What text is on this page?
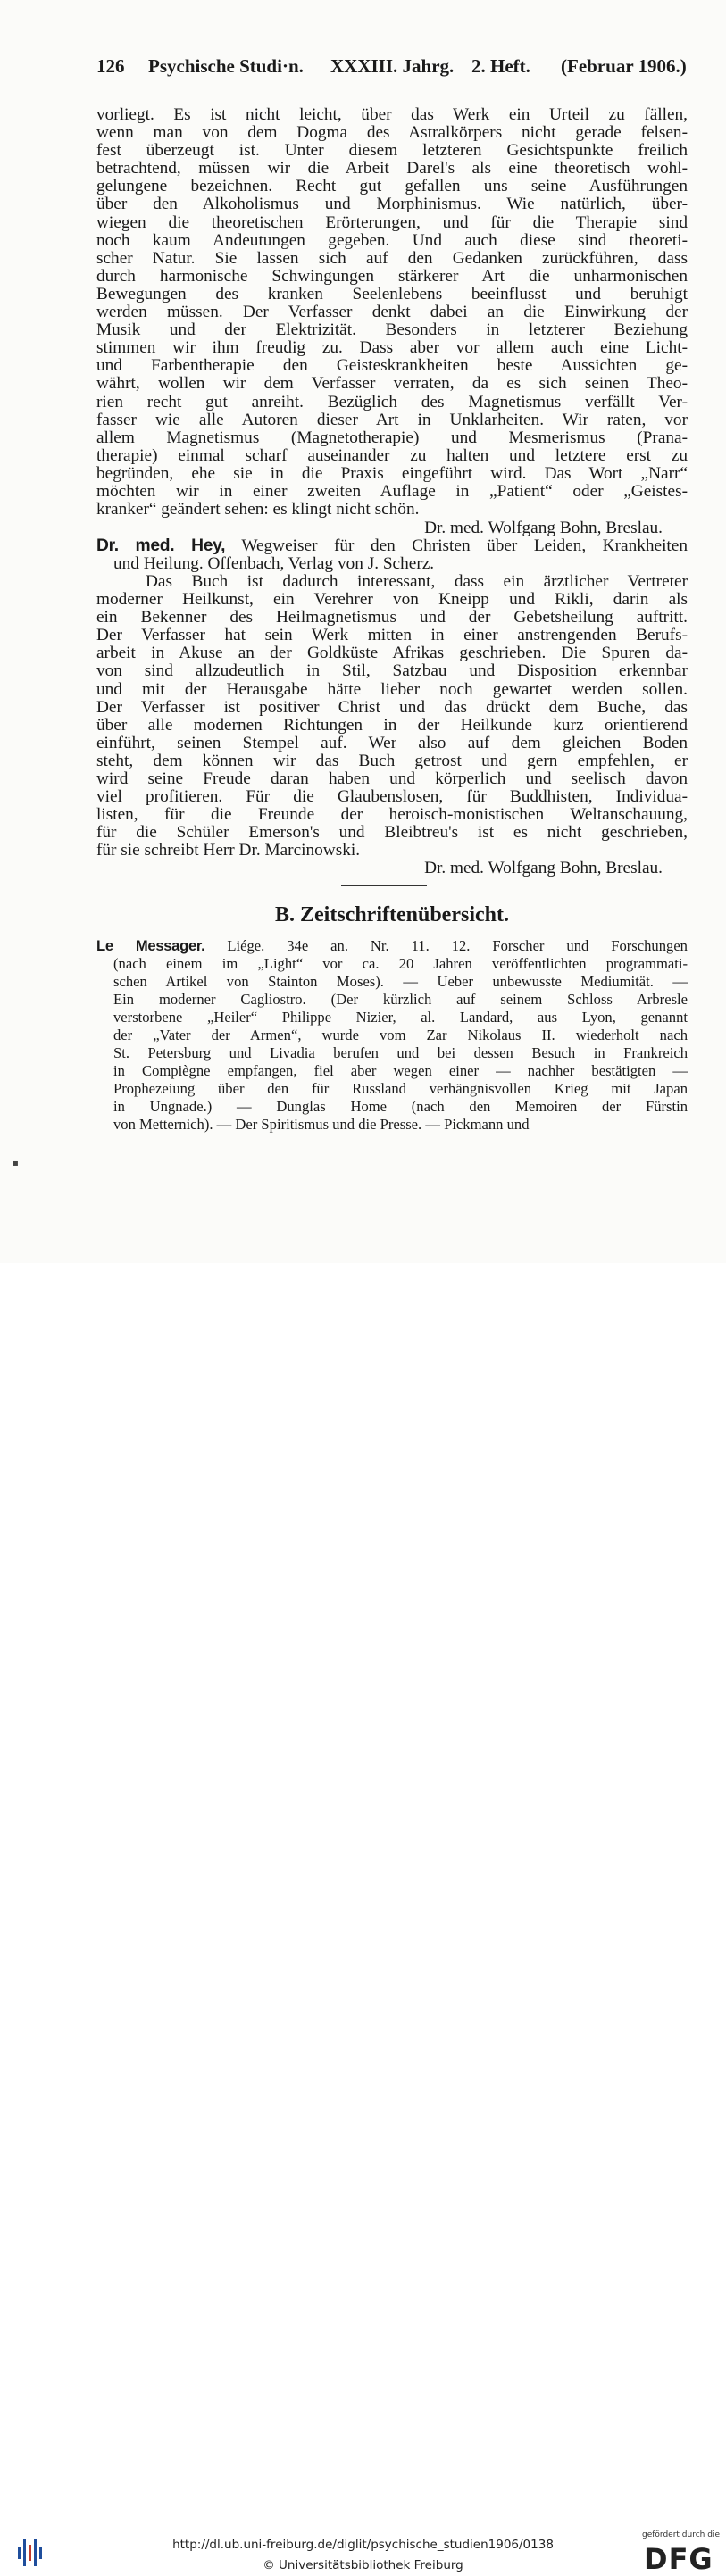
126 Psychische Studi·n. XXXIII. Jahrg. 2. Heft. (Februar 1906.)
vorliegt. Es ist nicht leicht, über das Werk ein Urteil zu fällen,
wenn man von dem Dogma des Astralkörpers nicht gerade felsen-
fest überzeugt ist. Unter diesem letzteren Gesichtspunkte freilich
betrachtend, müssen wir die Arbeit Darel's als eine theoretisch wohl-
gelungene bezeichnen. Recht gut gefallen uns seine Ausführungen
über den Alkoholismus und Morphinismus. Wie natürlich, über-
wiegen die theoretischen Erörterungen, und für die Therapie sind
noch kaum Andeutungen gegeben. Und auch diese sind theoreti-
scher Natur. Sie lassen sich auf den Gedanken zurückführen, dass
durch harmonische Schwingungen stärkerer Art die unharmonischen
Bewegungen des kranken Seelenlebens beeinflusst und beruhigt
werden müssen. Der Verfasser denkt dabei an die Einwirkung der
Musik und der Elektrizität. Besonders in letzterer Beziehung
stimmen wir ihm freudig zu. Dass aber vor allem auch eine Licht-
und Farbentherapie den Geisteskrankheiten beste Aussichten ge-
währt, wollen wir dem Verfasser verraten, da es sich seinen Theo-
rien recht gut anreiht. Bezüglich des Magnetismus verfällt Ver-
fasser wie alle Autoren dieser Art in Unklarheiten. Wir raten, vor
allem Magnetismus (Magnetotherapie) und Mesmerismus (Prana-
therapie) einmal scharf auseinander zu halten und letztere erst zu
begründen, ehe sie in die Praxis eingeführt wird. Das Wort „Narr“
möchten wir in einer zweiten Auflage in „Patient“ oder „Geistes-
kranker“ geändert sehen: es klingt nicht schön.
Dr. med. Wolfgang Bohn, Breslau.
Dr. med. Hey, Wegweiser für den Christen über Leiden, Krankheiten
und Heilung. Offenbach, Verlag von J. Scherz.
Das Buch ist dadurch interessant, dass ein ärztlicher Vertreter
moderner Heilkunst, ein Verehrer von Kneipp und Rikli, darin als
ein Bekenner des Heilmagnetismus und der Gebetsheilung auftritt.
Der Verfasser hat sein Werk mitten in einer anstrengenden Berufs-
arbeit in Akuse an der Goldküste Afrikas geschrieben. Die Spuren da-
von sind allzudeutlich in Stil, Satzbau und Disposition erkennbar
und mit der Herausgabe hätte lieber noch gewartet werden sollen.
Der Verfasser ist positiver Christ und das drückt dem Buche, das
über alle modernen Richtungen in der Heilkunde kurz orientierend
einführt, seinen Stempel auf. Wer also auf dem gleichen Boden
steht, dem können wir das Buch getrost und gern empfehlen, er
wird seine Freude daran haben und körperlich und seelisch davon
viel profitieren. Für die Glaubenslosen, für Buddhisten, Individua-
listen, für die Freunde der heroisch-monistischen Weltanschauung,
für die Schüler Emerson's und Bleibtreu's ist es nicht geschrieben,
für sie schreibt Herr Dr. Marcinowski.
Dr. med. Wolfgang Bohn, Breslau.
B. Zeitschriftenübersicht.
Le Messager. Liége. 34e an. Nr. 11. 12. Forscher und Forschungen
(nach einem im „Light“ vor ca. 20 Jahren veröffentlichten programmati-
schen Artikel von Stainton Moses). — Ueber unbewusste Mediumität. —
Ein moderner Cagliostro. (Der kürzlich auf seinem Schloss Arbresle
verstorbene „Heiler“ Philippe Nizier, al. Landard, aus Lyon, genannt
der „Vater der Armen“, wurde vom Zar Nikolaus II. wiederholt nach
St. Petersburg und Livadia berufen und bei dessen Besuch in Frankreich
in Compiègne empfangen, fiel aber wegen einer — nachher bestätigten —
Prophezeiung über den für Russland verhängnisvollen Krieg mit Japan
in Ungnade.) — Dunglas Home (nach den Memoiren der Fürstin
von Metternich). — Der Spiritismus und die Presse. — Pickmann und
▪
http://dl.ub.uni-freiburg.de/diglit/psychische_studien1906/0138
© Universitätsbibliothek Freiburg
gefördert durch die
DFG
